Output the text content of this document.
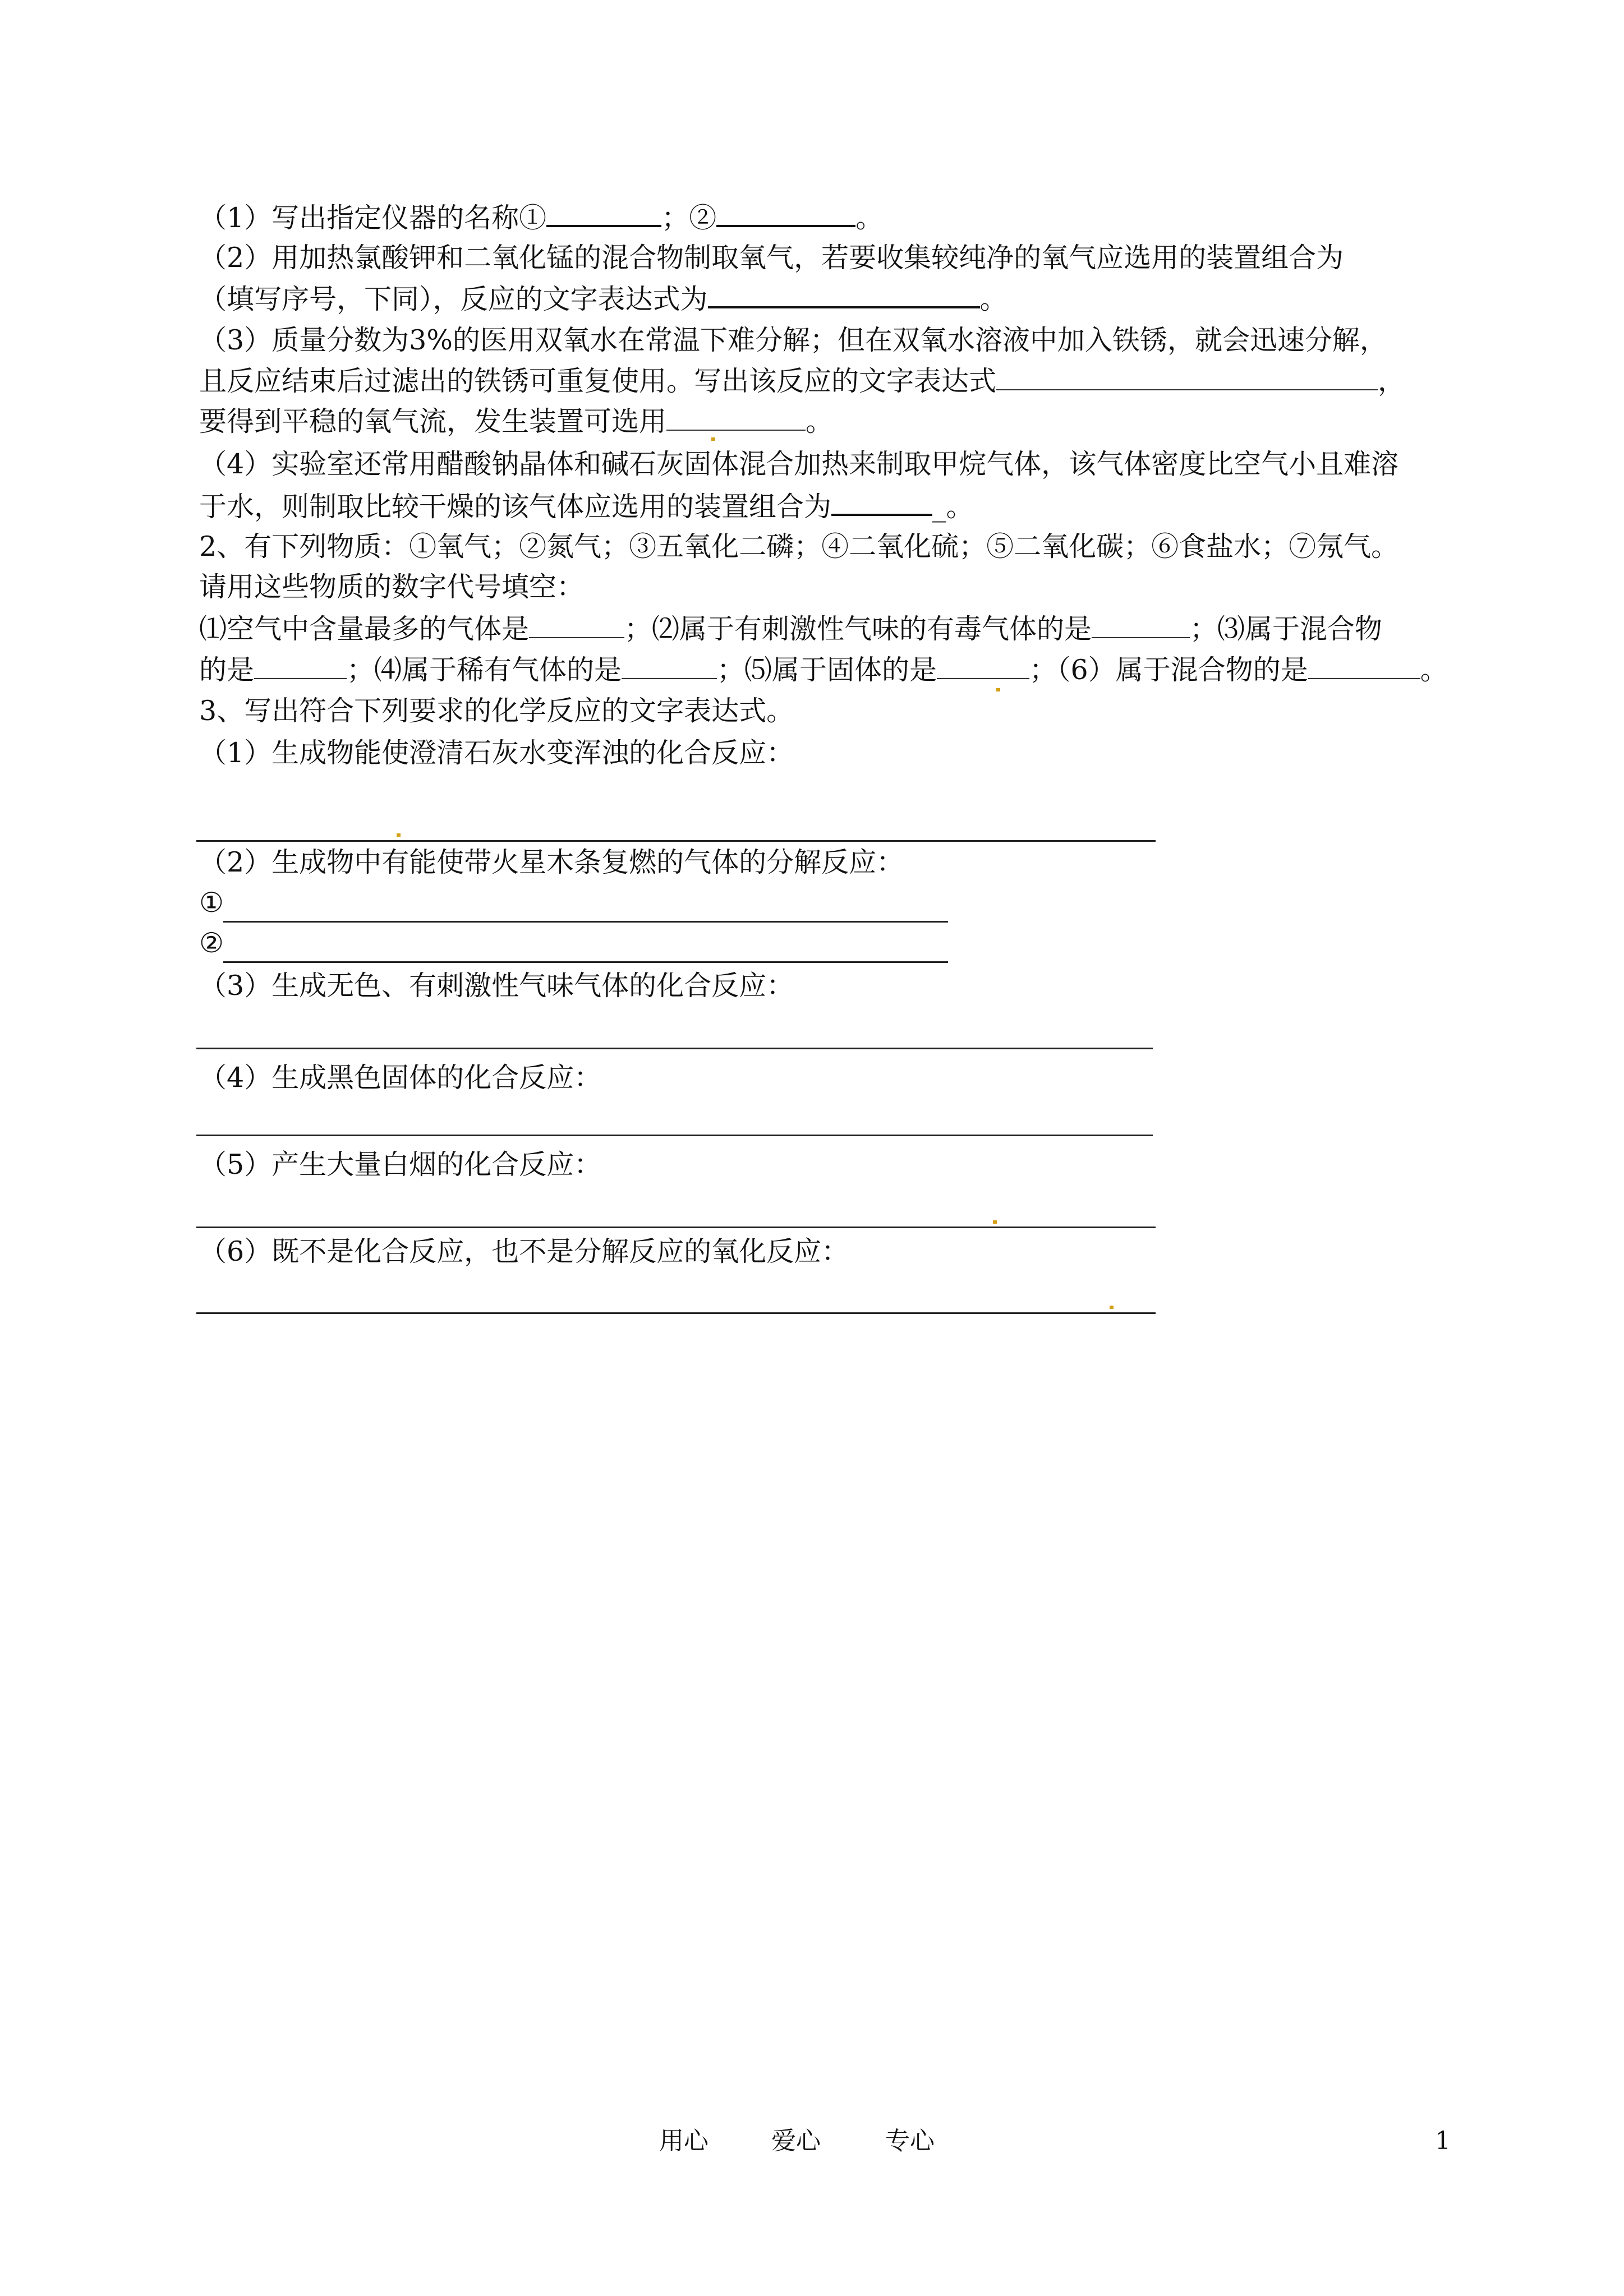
（1）写出指定仪器的名称①	；②	。
（2）用加热氯酸钾和二氧化锰的混合物制取氧气，若要收集较纯净的氧气应选用的装置组合为
（填写序号，下同），反应的文字表达式为	。
（3）质量分数为3%的医用双氧水在常温下难分解；但在双氧水溶液中加入铁锈，就会迅速分解，
且反应结束后过滤出的铁锈可重复使用。写出该反应的文字表达式	，
要得到平稳的氧气流，发生装置可选用	。
（4）实验室还常用醋酸钠晶体和碱石灰固体混合加热来制取甲烷气体，该气体密度比空气小且难溶
于水，则制取比较干燥的该气体应选用的装置组合为	_。
2、有下列物质：①氧气；②氮气；③五氧化二磷；④二氧化硫；⑤二氧化碳；⑥食盐水；⑦氖气。
请用这些物质的数字代号填空：
⑴空气中含量最多的气体是	；⑵属于有刺激性气味的有毒气体的是	；⑶属于混合物
的是	；⑷属于稀有气体的是	；⑸属于固体的是	；（6）属于混合物的是	。
3、写出符合下列要求的化学反应的文字表达式。
（1）生成物能使澄清石灰水变浑浊的化合反应：
（2）生成物中有能使带火星木条复燃的气体的分解反应：
①
②
（3）生成无色、有刺激性气味气体的化合反应：
（4）生成黑色固体的化合反应：
（5）产生大量白烟的化合反应：
（6）既不是化合反应，也不是分解反应的氧化反应：
用心	爱心	专心	1
